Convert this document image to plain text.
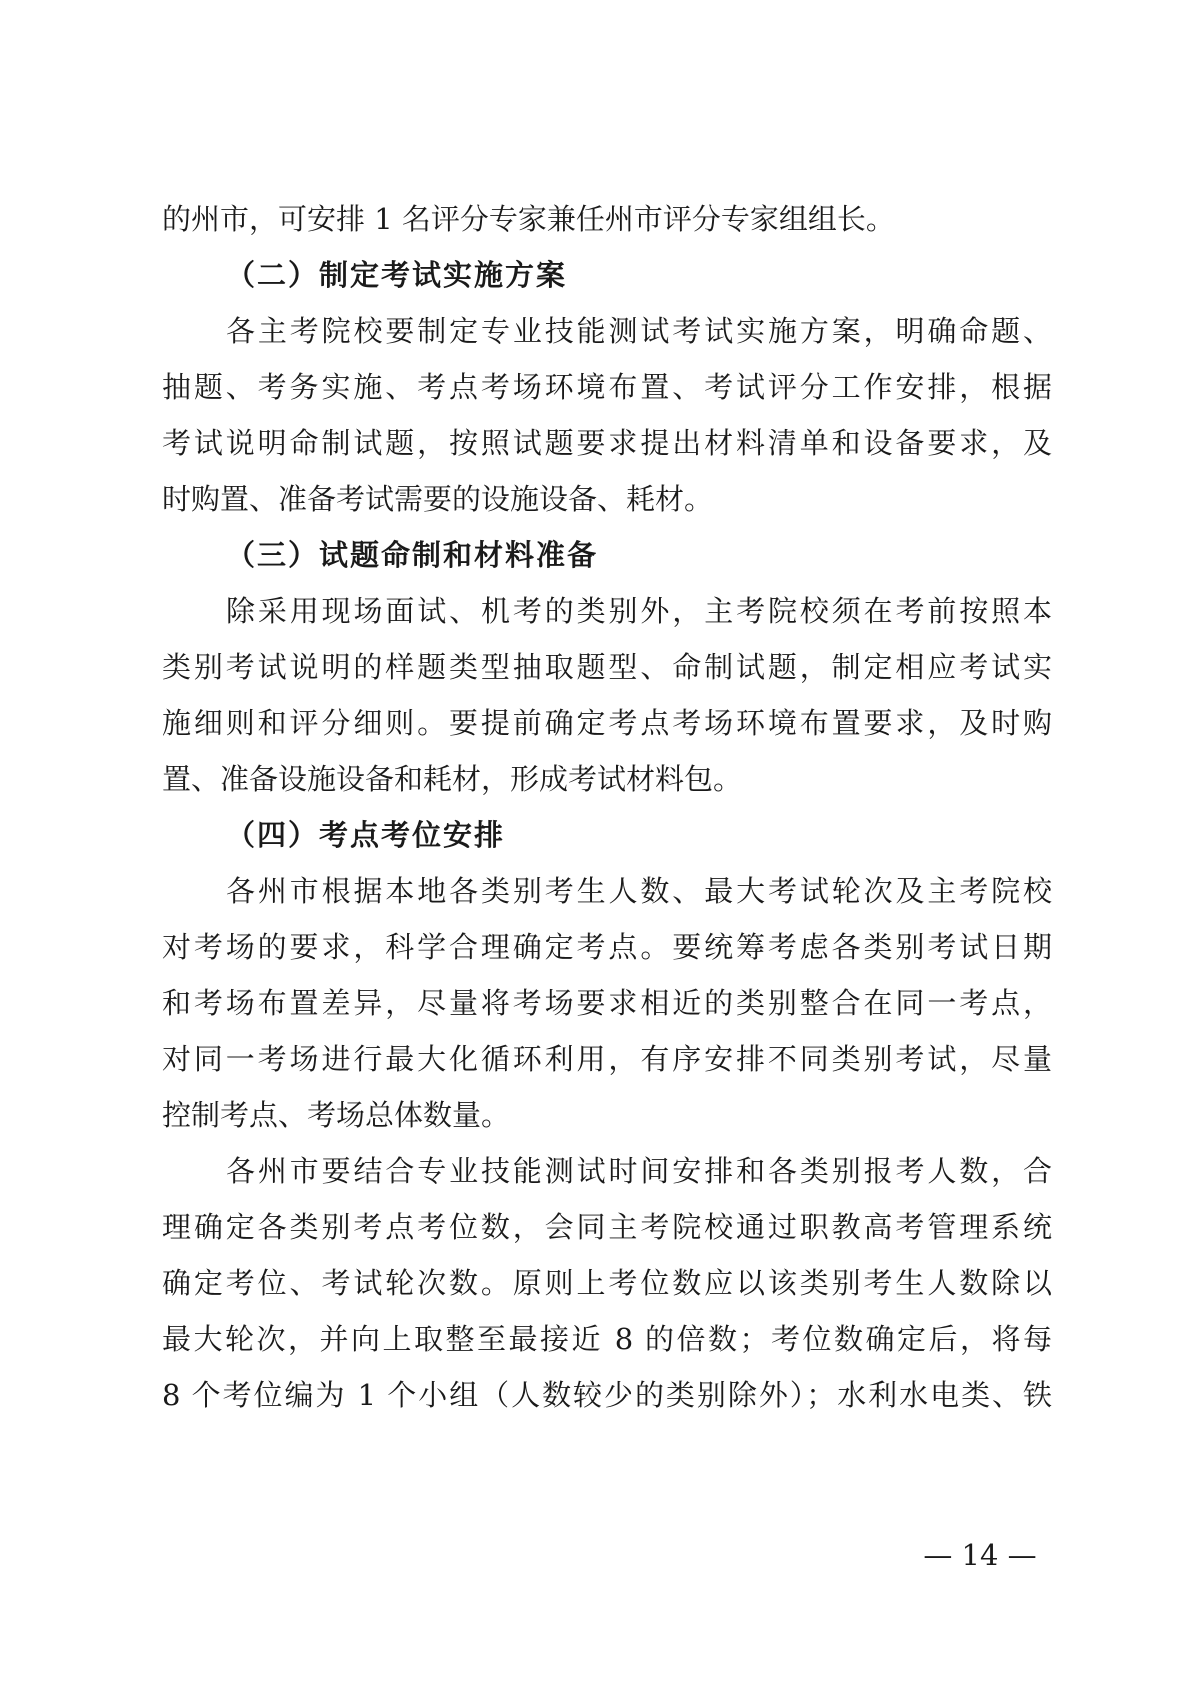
的州市，可安排 1 名评分专家兼任州市评分专家组组长。
（二）制定考试实施方案
各主考院校要制定专业技能测试考试实施方案，明确命题、
抽题、考务实施、考点考场环境布置、考试评分工作安排，根据
考试说明命制试题，按照试题要求提出材料清单和设备要求，及
时购置、准备考试需要的设施设备、耗材。
（三）试题命制和材料准备
除采用现场面试、机考的类别外，主考院校须在考前按照本
类别考试说明的样题类型抽取题型、命制试题，制定相应考试实
施细则和评分细则。要提前确定考点考场环境布置要求，及时购
置、准备设施设备和耗材，形成考试材料包。
（四）考点考位安排
各州市根据本地各类别考生人数、最大考试轮次及主考院校
对考场的要求，科学合理确定考点。要统筹考虑各类别考试日期
和考场布置差异，尽量将考场要求相近的类别整合在同一考点，
对同一考场进行最大化循环利用，有序安排不同类别考试，尽量
控制考点、考场总体数量。
各州市要结合专业技能测试时间安排和各类别报考人数，合
理确定各类别考点考位数，会同主考院校通过职教高考管理系统
确定考位、考试轮次数。原则上考位数应以该类别考生人数除以
最大轮次，并向上取整至最接近 8 的倍数；考位数确定后，将每
8 个考位编为 1 个小组（人数较少的类别除外）；水利水电类、铁
— 14 —
